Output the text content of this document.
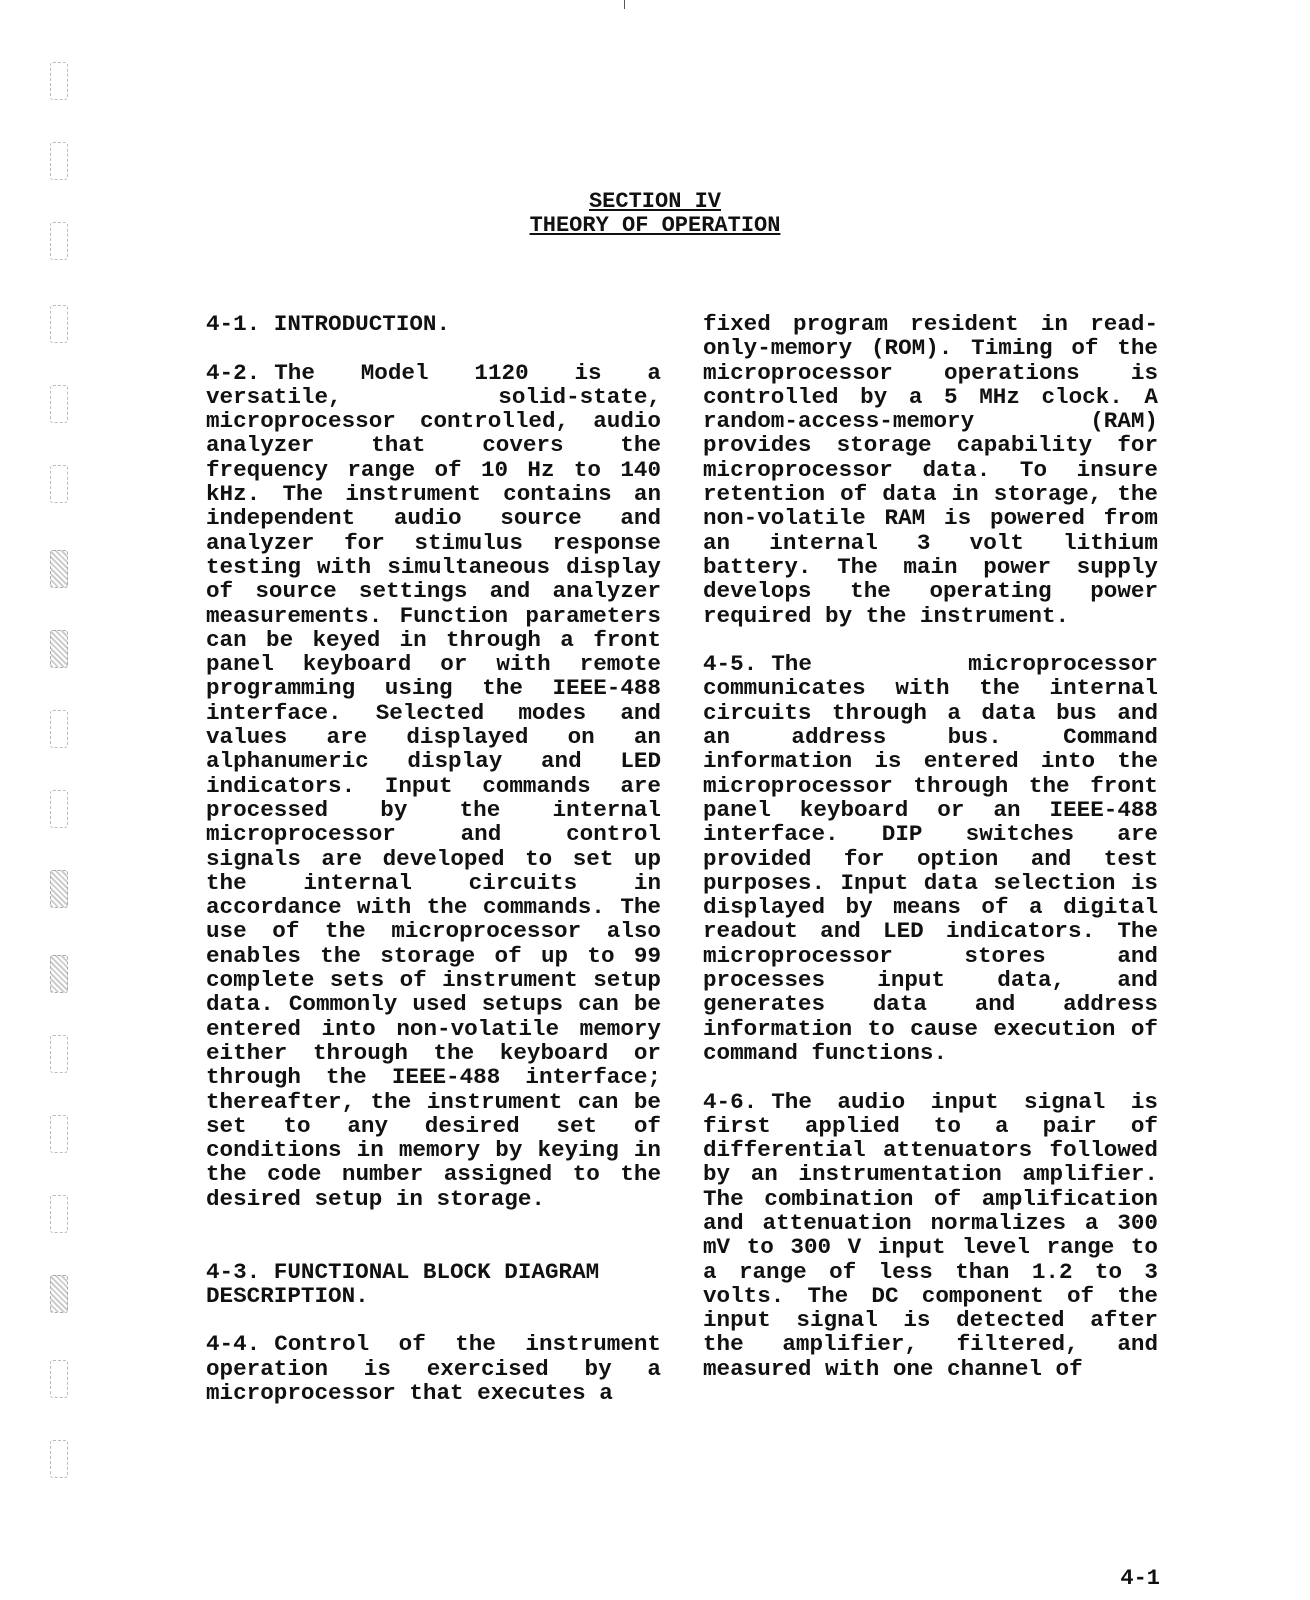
SECTION IV
THEORY OF OPERATION
4-1. INTRODUCTION.
4-2. The Model 1120 is a versatile, solid-state, microprocessor controlled, audio analyzer that covers the frequency range of 10 Hz to 140 kHz. The instrument contains an independent audio source and analyzer for stimulus response testing with simultaneous display of source settings and analyzer measurements. Function parameters can be keyed in through a front panel keyboard or with remote programming using the IEEE-488 interface. Selected modes and values are displayed on an alphanumeric display and LED indicators. Input commands are processed by the internal microprocessor and control signals are developed to set up the internal circuits in accordance with the commands. The use of the microprocessor also enables the storage of up to 99 complete sets of instrument setup data. Commonly used setups can be entered into non-volatile memory either through the keyboard or through the IEEE-488 interface; thereafter, the instrument can be set to any desired set of conditions in memory by keying in the code number assigned to the desired setup in storage.
4-3. FUNCTIONAL BLOCK DIAGRAM DESCRIPTION.
4-4. Control of the instrument operation is exercised by a microprocessor that executes a
fixed program resident in read-only-memory (ROM). Timing of the microprocessor operations is controlled by a 5 MHz clock. A random-access-memory (RAM) provides storage capability for microprocessor data. To insure retention of data in storage, the non-volatile RAM is powered from an internal 3 volt lithium battery. The main power supply develops the operating power required by the instrument.
4-5. The microprocessor communicates with the internal circuits through a data bus and an address bus. Command information is entered into the microprocessor through the front panel keyboard or an IEEE-488 interface. DIP switches are provided for option and test purposes. Input data selection is displayed by means of a digital readout and LED indicators. The microprocessor stores and processes input data, and generates data and address information to cause execution of command functions.
4-6. The audio input signal is first applied to a pair of differential attenuators followed by an instrumentation amplifier. The combination of amplification and attenuation normalizes a 300 mV to 300 V input level range to a range of less than 1.2 to 3 volts. The DC component of the input signal is detected after the amplifier, filtered, and measured with one channel of
4-1
